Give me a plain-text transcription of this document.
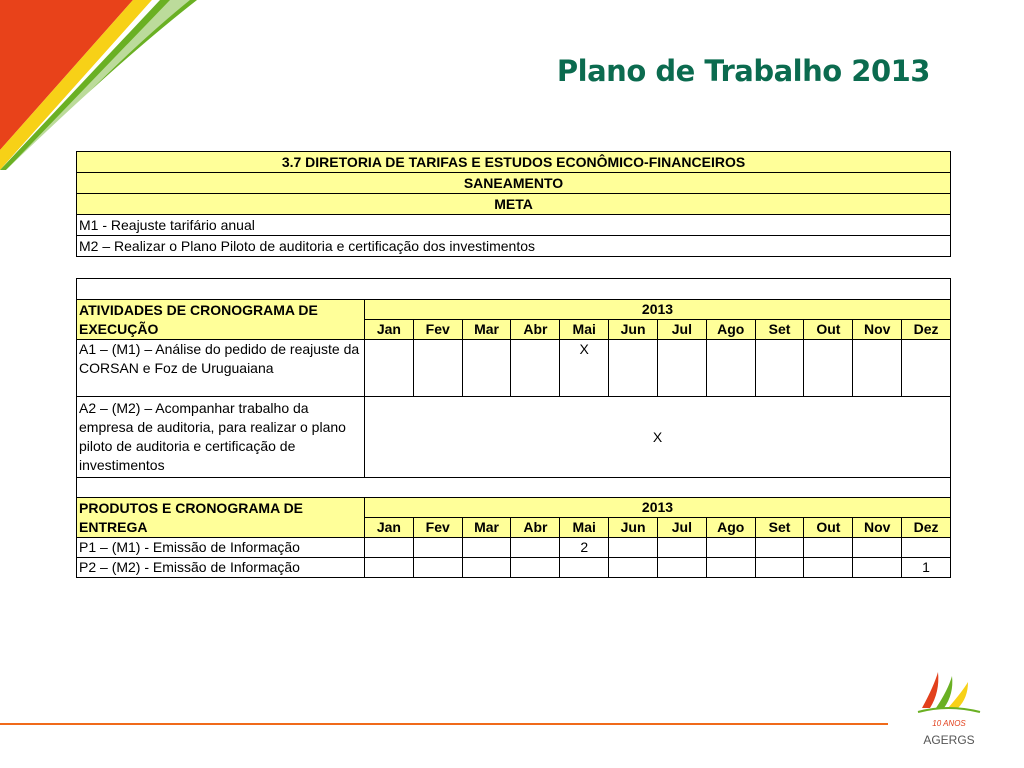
Plano de Trabalho 2013
3.7 DIRETORIA DE TARIFAS E ESTUDOS ECONÔMICO-FINANCEIROS
SANEAMENTO
META
M1 - Reajuste tarifário anual
M2 – Realizar o Plano Piloto de auditoria e certificação dos investimentos

ATIVIDADES DE CRONOGRAMA DE EXECUÇÃO	2013											
	Jan	Fev	Mar	Abr	Mai	Jun	Jul	Ago	Set	Out	Nov	Dez
A1 – (M1) – Análise do pedido de reajuste da CORSAN e Foz de Uruguaiana					X							
A2 – (M2) – Acompanhar trabalho da empresa de auditoria, para realizar o plano piloto de auditoria e certificação de investimentos	X											

PRODUTOS E CRONOGRAMA DE ENTREGA	2013											
	Jan	Fev	Mar	Abr	Mai	Jun	Jul	Ago	Set	Out	Nov	Dez
P1 – (M1) - Emissão de Informação					2							
P2 – (M2) - Emissão de Informação												1
10 ANOS
AGERGS
